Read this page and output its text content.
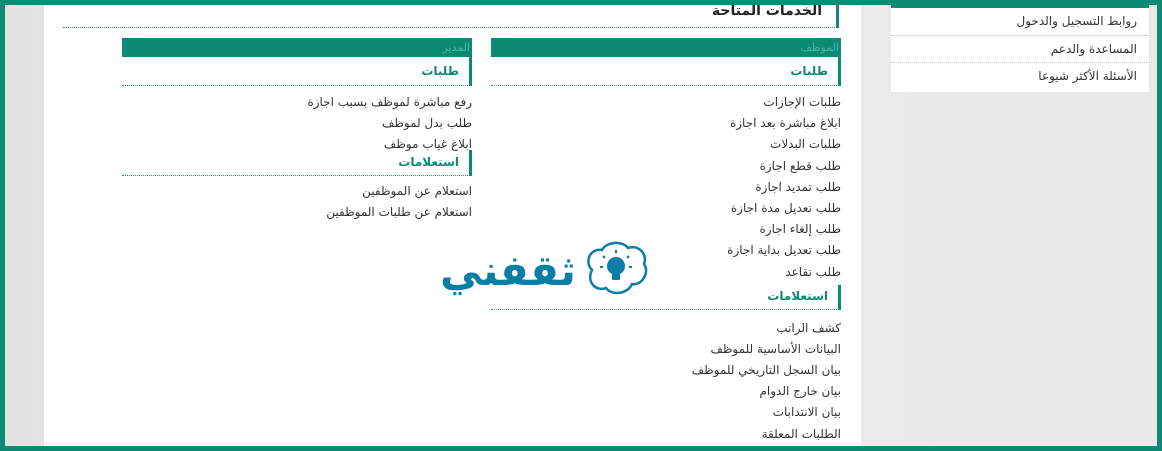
روابط التسجيل والدخول
المساعدة والدعم
الأسئلة الأكثر شيوعا
الخدمات المتاحة
الموظف
طلبات
طلبات الإجازات
ابلاغ مباشرة بعد اجازة
طلبات البدلات
طلب قطع اجازة
طلب تمديد اجازة
طلب تعديل مدة اجازة
طلب إلغاء اجازة
طلب تعديل بداية اجازة
طلب تقاعد
استعلامات
كشف الراتب
البيانات الأساسية للموظف
بيان السجل التاريخي للموظف
بيان خارج الدوام
بيان الانتدابات
الطلبات المعلقة
المدير
طلبات
رفع مباشرة لموظف بسبب اجازة
طلب بدل لموظف
ابلاغ غياب موظف
استعلامات
استعلام عن الموظفين
استعلام عن طلبات الموظفين
ثقفني
